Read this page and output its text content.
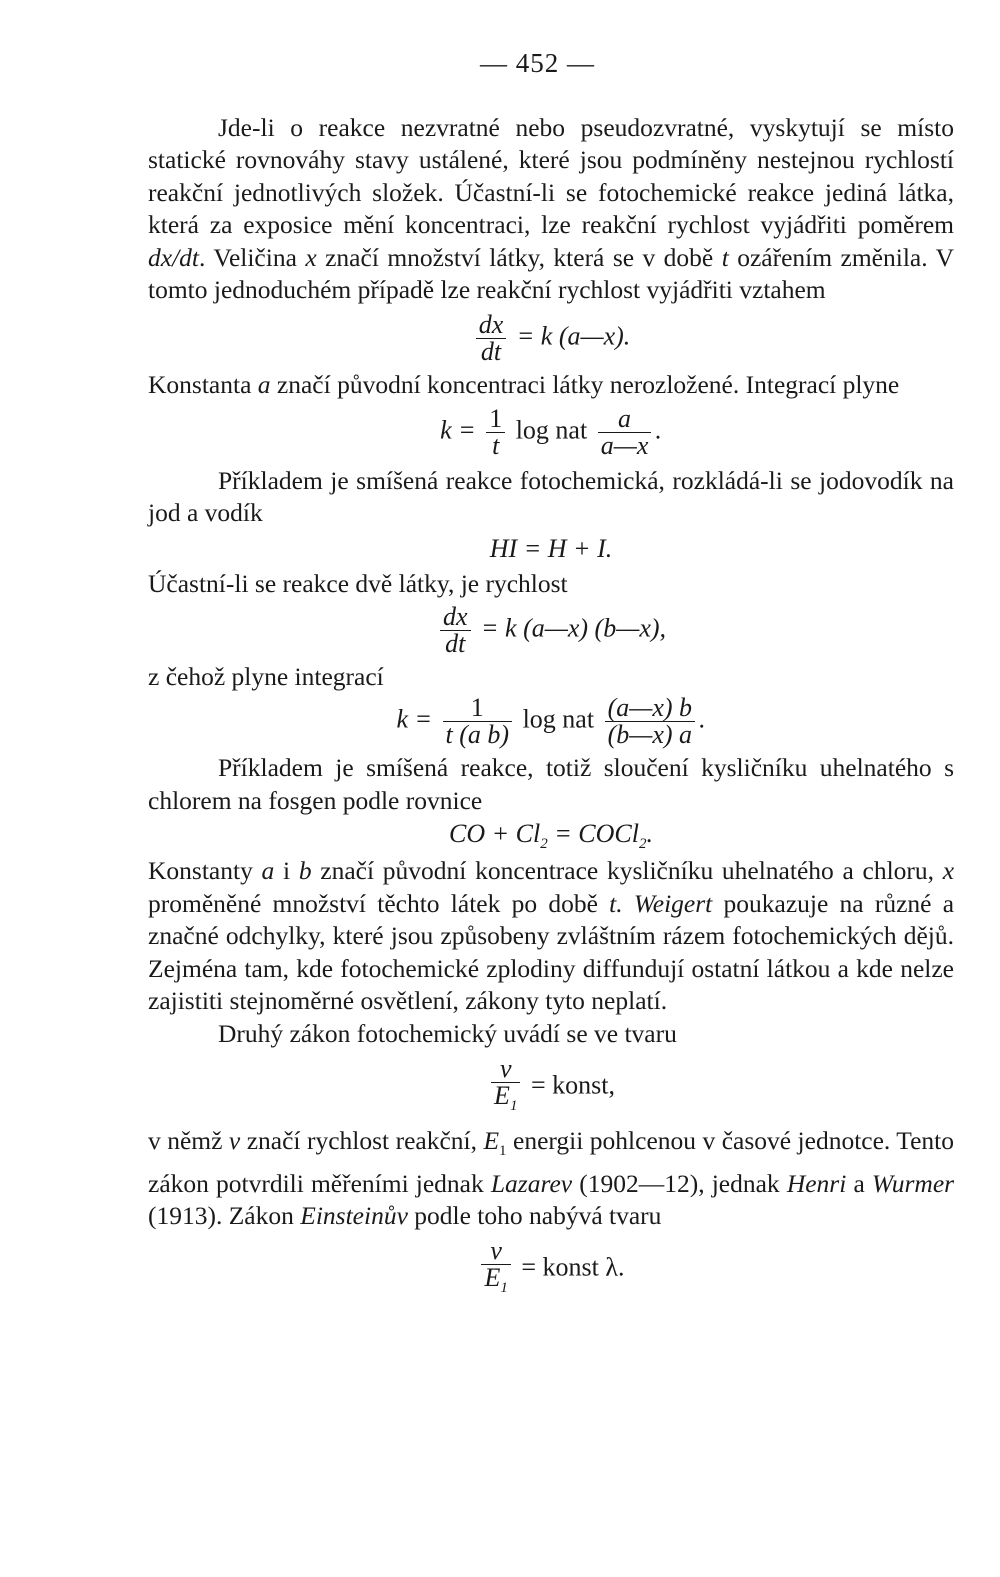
— 452 —

Jde-li o reakce nezvratné nebo pseudozvratné, vyskytují se místo statické rovnováhy stavy ustálené, které jsou podmíněny nestejnou rychlostí reakční jednotlivých složek. Účastní-li se fotochemické reakce jediná látka, která za exposice mění koncentraci, lze reakční rychlost vyjádřiti poměrem dx/dt. Veličina x značí množství látky, která se v době t ozářením změnila. V tomto jednoduchém případě lze reakční rychlost vyjádřiti vztahem

$\frac{dx}{dt} = k$ (a—x).

Konstanta a značí původní koncentraci látky nerozložené. Integrací plyne

$k = \frac{1}{t}$ log nat $\frac{a}{a—x}$ .

Příkladem je smíšená reakce fotochemická, rozkládá-li se jodovodík na jod a vodík

HI = H + I.

Účastní-li se reakce dvě látky, je rychlost

$\frac{dx}{dt} = k$ (a—x) (b—x),

z čehož plyne integrací

$k = \frac{1}{\text{t (a b)}}$ log nat $\frac{(a—x) b}{(b—x) a}$ .

Příkladem je smíšená reakce, totiž sloučení kysličníku uhelnatého s chlorem na fosgen podle rovnice

CO + $Cl_2$ = COCl$_2$.

Konstanty a i b značí původní koncentrace kysličníku uhelnatého a chloru, x proměněné množství těchto látek po době t. Weigert poukazuje na různé a značné odchylky, které jsou způsobeny zvláštním rázem fotochemických dějů. Zejména tam, kde fotochemické zplodiny diffundují ostatní látkou a kde nelze zajistiti stejnoměrné osvětlení, zákony tyto neplatí.

Druhý zákon fotochemický uvádí se ve tvaru

$\frac{v}{E_1}$ = konst,

v němž v značí rychlost reakční, $E_1$ energii pohlcenou v časové jednotce. Tento zákon potvrdili měřeními jednak Lazarev (1902—12), jednak Henri a Wurmer (1913). Zákon Einsteinův podle toho nabývá tvaru

$\frac{v}{E_1}$ = konst λ.
